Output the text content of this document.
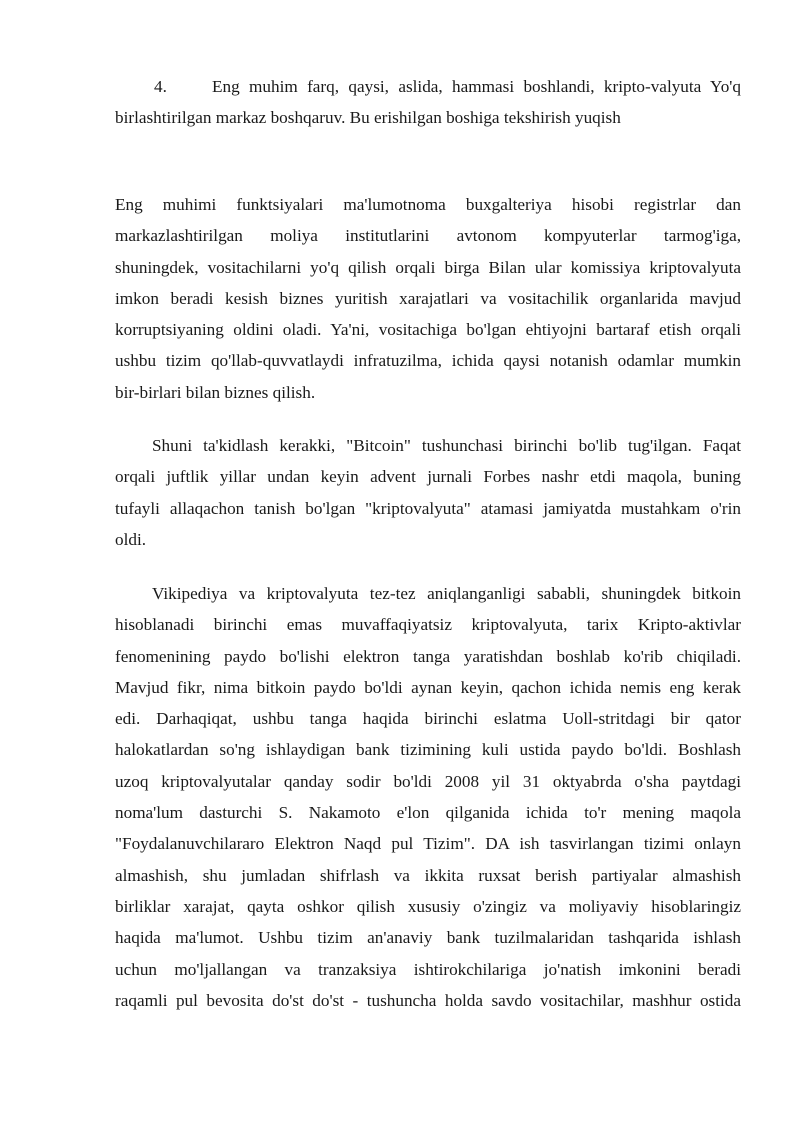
4.	Eng muhim farq, qaysi, aslida, hammasi boshlandi, kripto-valyuta Yo'q
birlashtirilgan markaz boshqaruv. Bu erishilgan boshiga tekshirish yuqish
Eng muhimi funktsiyalari ma'lumotnoma buxgalteriya hisobi registrlar dan
markazlashtirilgan moliya institutlarini avtonom kompyuterlar tarmog'iga,
shuningdek, vositachilarni yo'q qilish orqali birga Bilan ular komissiya kriptovalyuta
imkon beradi kesish biznes yuritish xarajatlari va vositachilik organlarida mavjud
korruptsiyaning oldini oladi. Ya'ni, vositachiga bo'lgan ehtiyojni bartaraf etish orqali
ushbu tizim qo'llab-quvvatlaydi infratuzilma, ichida qaysi notanish odamlar mumkin
bir-birlari bilan biznes qilish.
Shuni ta'kidlash kerakki, "Bitcoin" tushunchasi birinchi bo'lib tug'ilgan. Faqat
orqali juftlik yillar undan keyin advent jurnali Forbes nashr etdi maqola, buning
tufayli allaqachon tanish bo'lgan "kriptovalyuta" atamasi jamiyatda mustahkam o'rin
oldi.
Vikipediya va kriptovalyuta tez-tez aniqlanganligi sababli, shuningdek bitkoin
hisoblanadi birinchi emas muvaffaqiyatsiz kriptovalyuta, tarix Kripto-aktivlar
fenomenining paydo bo'lishi elektron tanga yaratishdan boshlab ko'rib chiqiladi.
Mavjud fikr, nima bitkoin paydo bo'ldi aynan keyin, qachon ichida nemis eng kerak
edi. Darhaqiqat, ushbu tanga haqida birinchi eslatma Uoll-stritdagi bir qator
halokatlardan so'ng ishlaydigan bank tizimining kuli ustida paydo bo'ldi. Boshlash
uzoq kriptovalyutalar qanday sodir bo'ldi 2008 yil 31 oktyabrda o'sha paytdagi
noma'lum dasturchi S. Nakamoto e'lon qilganida ichida to'r mening maqola
"Foydalanuvchilararo Elektron Naqd pul Tizim". DA ish tasvirlangan tizimi onlayn
almashish, shu jumladan shifrlash va ikkita ruxsat berish partiyalar almashish
birliklar xarajat, qayta oshkor qilish xususiy o'zingiz va moliyaviy hisoblaringiz
haqida ma'lumot. Ushbu tizim an'anaviy bank tuzilmalaridan tashqarida ishlash
uchun mo'ljallangan va tranzaksiya ishtirokchilariga jo'natish imkonini beradi
raqamli pul bevosita do'st do'st - tushuncha holda savdo vositachilar, mashhur ostida
